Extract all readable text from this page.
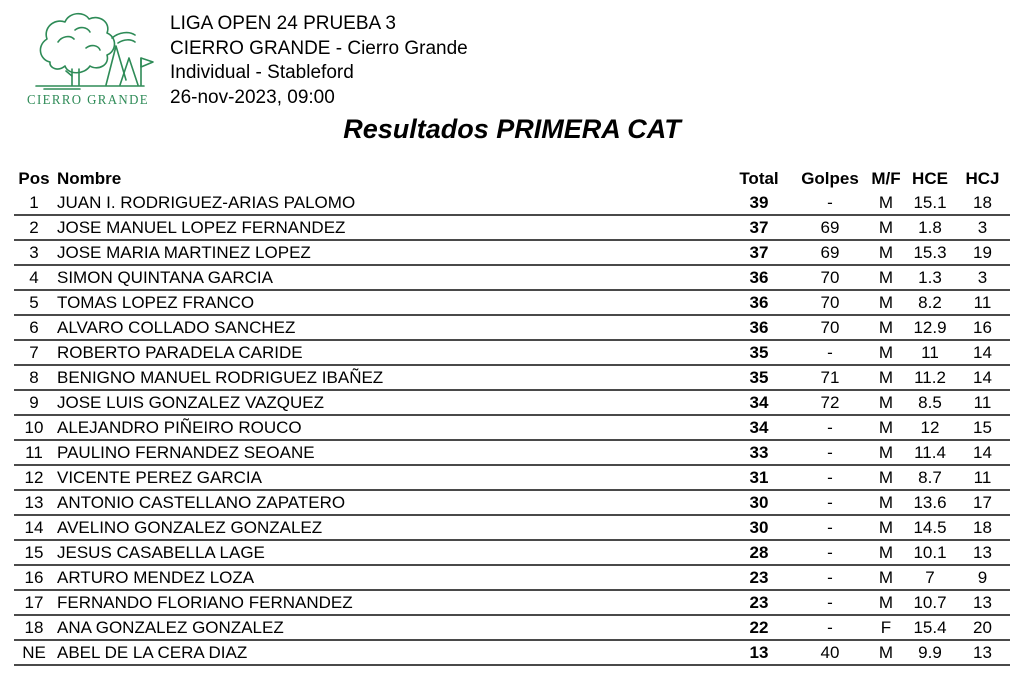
CIERRO GRANDE
LIGA OPEN 24 PRUEBA 3
CIERRO GRANDE - Cierro Grande
Individual - Stableford
26-nov-2023, 09:00
Resultados PRIMERA CAT
Pos	Nombre	Total	Golpes	M/F	HCE	HCJ
1	JUAN I. RODRIGUEZ-ARIAS PALOMO	39	-	M	15.1	18
2	JOSE MANUEL LOPEZ FERNANDEZ	37	69	M	1.8	3
3	JOSE MARIA MARTINEZ LOPEZ	37	69	M	15.3	19
4	SIMON QUINTANA GARCIA	36	70	M	1.3	3
5	TOMAS LOPEZ FRANCO	36	70	M	8.2	11
6	ALVARO COLLADO SANCHEZ	36	70	M	12.9	16
7	ROBERTO PARADELA CARIDE	35	-	M	11	14
8	BENIGNO MANUEL RODRIGUEZ IBAÑEZ	35	71	M	11.2	14
9	JOSE LUIS GONZALEZ VAZQUEZ	34	72	M	8.5	11
10	ALEJANDRO PIÑEIRO ROUCO	34	-	M	12	15
11	PAULINO FERNANDEZ SEOANE	33	-	M	11.4	14
12	VICENTE PEREZ GARCIA	31	-	M	8.7	11
13	ANTONIO CASTELLANO ZAPATERO	30	-	M	13.6	17
14	AVELINO GONZALEZ GONZALEZ	30	-	M	14.5	18
15	JESUS CASABELLA LAGE	28	-	M	10.1	13
16	ARTURO MENDEZ LOZA	23	-	M	7	9
17	FERNANDO FLORIANO FERNANDEZ	23	-	M	10.7	13
18	ANA GONZALEZ GONZALEZ	22	-	F	15.4	20
NE	ABEL DE LA CERA DIAZ	13	40	M	9.9	13
